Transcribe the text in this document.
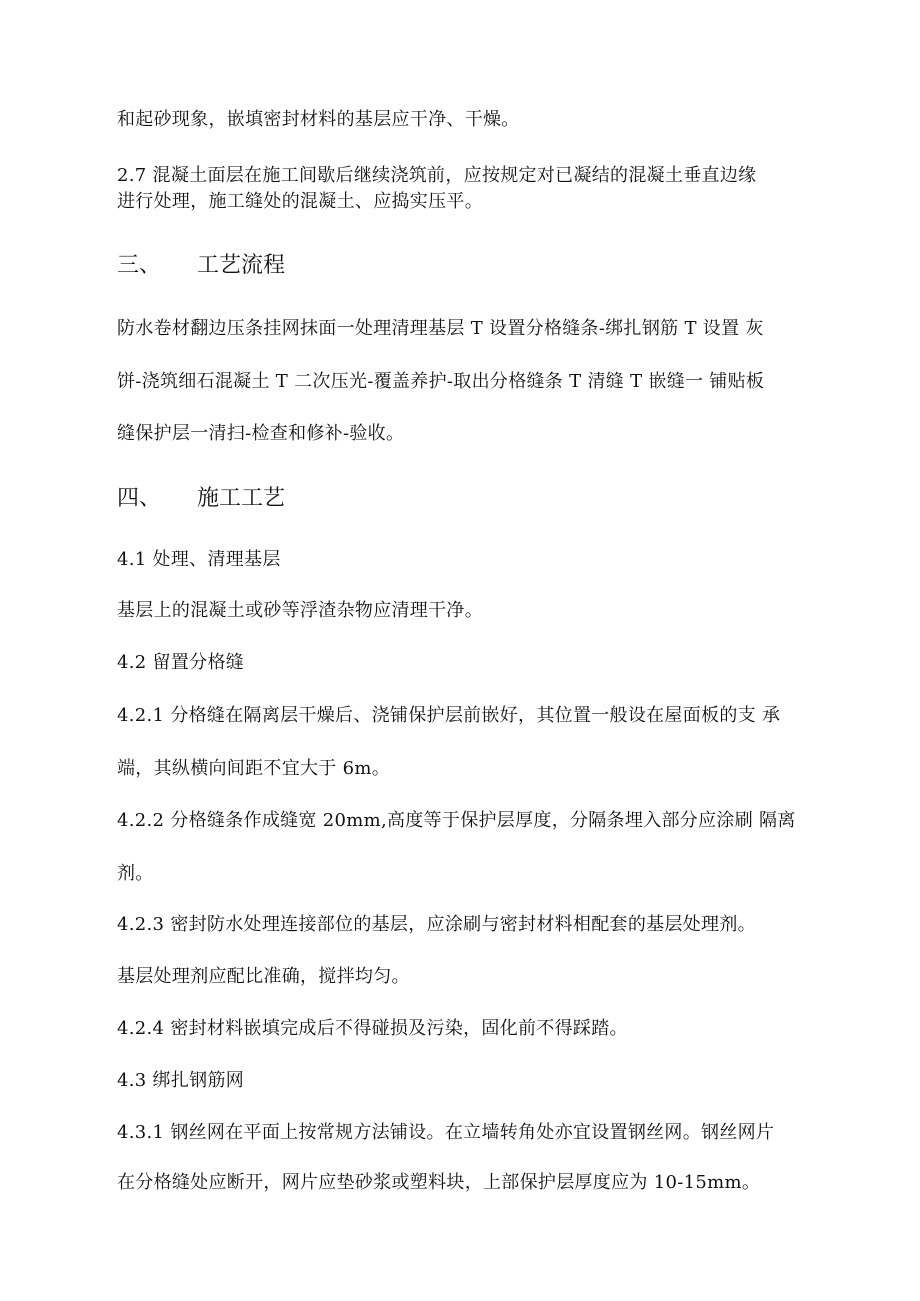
和起砂现象，嵌填密封材料的基层应干净、干燥。
2.7 混凝土面层在施工间歇后继续浇筑前，应按规定对已凝结的混凝土垂直边缘
进行处理，施工缝处的混凝土、应捣实压平。
三、 工艺流程
防水卷材翻边压条挂网抹面一处理清理基层 T 设置分格缝条-绑扎钢筋 T 设置 灰
饼-浇筑细石混凝土 T 二次压光-覆盖养护-取出分格缝条 T 清缝 T 嵌缝一 铺贴板
缝保护层一清扫-检查和修补-验收。
四、 施工工艺
4.1 处理、清理基层
基层上的混凝土或砂等浮渣杂物应清理干净。
4.2 留置分格缝
4.2.1 分格缝在隔离层干燥后、浇铺保护层前嵌好，其位置一般设在屋面板的支 承
端，其纵横向间距不宜大于 6m。
4.2.2 分格缝条作成缝宽 20mm,高度等于保护层厚度，分隔条埋入部分应涂刷 隔离
剂。
4.2.3 密封防水处理连接部位的基层，应涂刷与密封材料相配套的基层处理剂。
基层处理剂应配比准确，搅拌均匀。
4.2.4 密封材料嵌填完成后不得碰损及污染，固化前不得踩踏。
4.3 绑扎钢筋网
4.3.1 钢丝网在平面上按常规方法铺设。在立墙转角处亦宜设置钢丝网。钢丝网片
在分格缝处应断开，网片应垫砂浆或塑料块，上部保护层厚度应为 10-15mm。
